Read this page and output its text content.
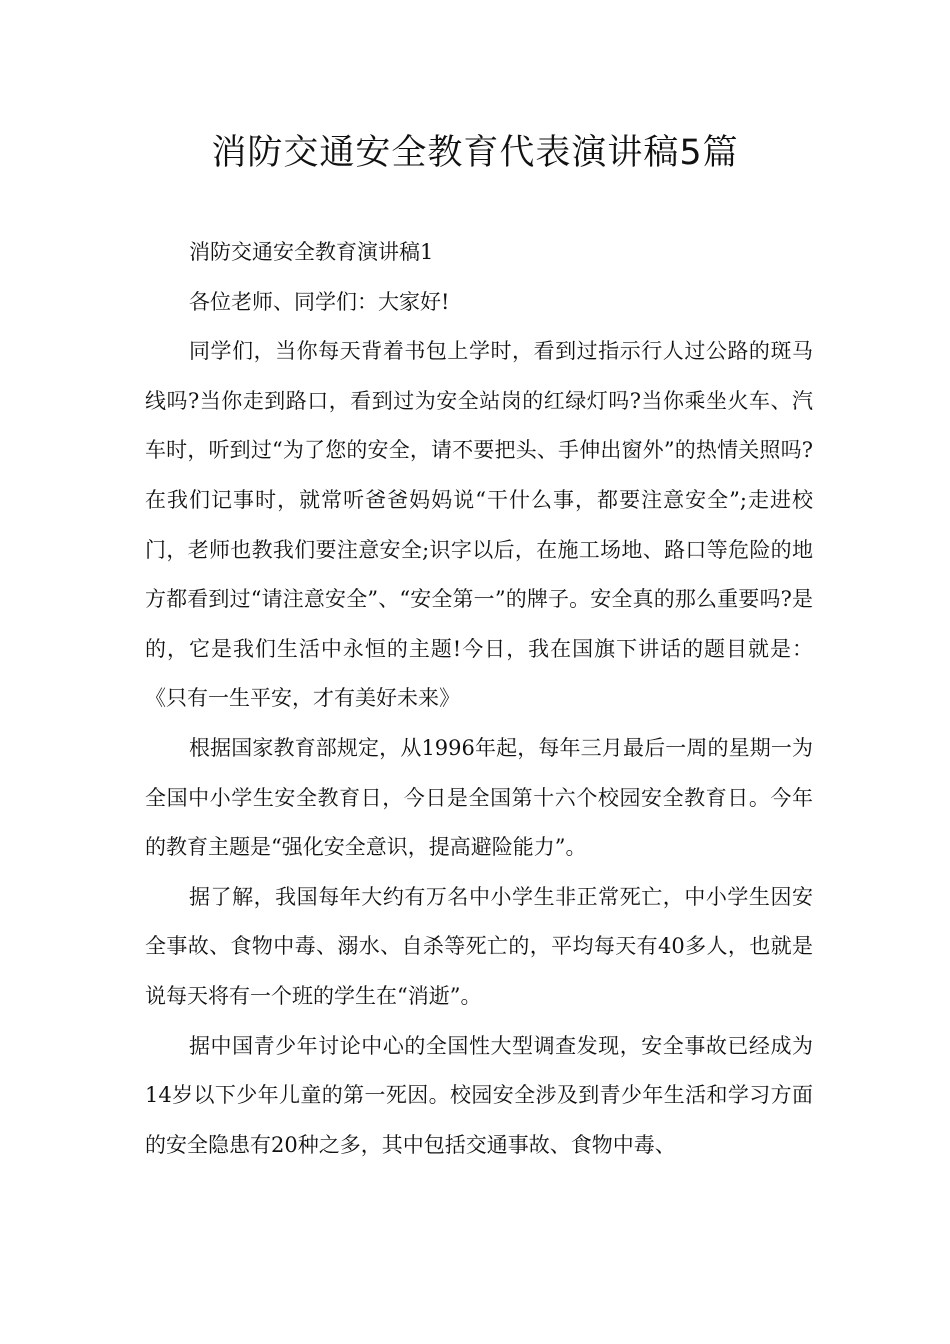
消防交通安全教育代表演讲稿5篇

消防交通安全教育演讲稿1

各位老师、同学们：大家好!

同学们，当你每天背着书包上学时，看到过指示行人过公路的斑马线吗?当你走到路口，看到过为安全站岗的红绿灯吗?当你乘坐火车、汽车时，听到过“为了您的安全，请不要把头、手伸出窗外”的热情关照吗?在我们记事时，就常听爸爸妈妈说“干什么事，都要注意安全”;走进校门，老师也教我们要注意安全;识字以后，在施工场地、路口等危险的地方都看到过“请注意安全”、“安全第一”的牌子。安全真的那么重要吗?是的，它是我们生活中永恒的主题!今日，我在国旗下讲话的题目就是：《只有一生平安，才有美好未来》

根据国家教育部规定，从1996年起，每年三月最后一周的星期一为全国中小学生安全教育日，今日是全国第十六个校园安全教育日。今年的教育主题是“强化安全意识，提高避险能力”。

据了解，我国每年大约有万名中小学生非正常死亡，中小学生因安全事故、食物中毒、溺水、自杀等死亡的，平均每天有40多人，也就是说每天将有一个班的学生在“消逝”。

据中国青少年讨论中心的全国性大型调查发现，安全事故已经成为14岁以下少年儿童的第一死因。校园安全涉及到青少年生活和学习方面的安全隐患有20种之多，其中包括交通事故、食物中毒、
